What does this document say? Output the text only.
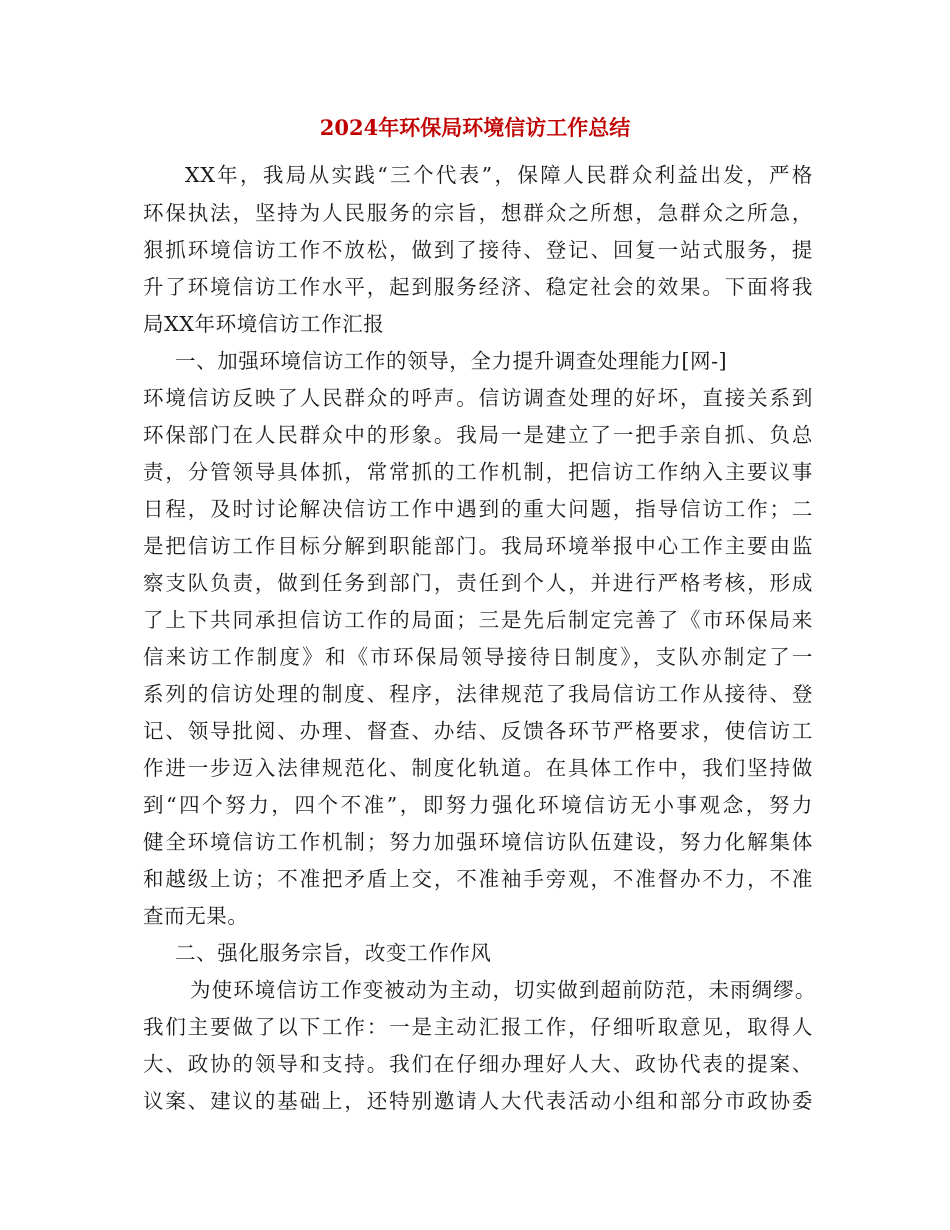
2024年环保局环境信访工作总结
XX年，我局从实践“三个代表”，保障人民群众利益出发，严格
环保执法，坚持为人民服务的宗旨，想群众之所想，急群众之所急，
狠抓环境信访工作不放松，做到了接待、登记、回复一站式服务，提
升了环境信访工作水平，起到服务经济、稳定社会的效果。下面将我
局XX年环境信访工作汇报
一、加强环境信访工作的领导，全力提升调查处理能力[网-]
环境信访反映了人民群众的呼声。信访调查处理的好坏，直接关系到
环保部门在人民群众中的形象。我局一是建立了一把手亲自抓、负总
责，分管领导具体抓，常常抓的工作机制，把信访工作纳入主要议事
日程，及时讨论解决信访工作中遇到的重大问题，指导信访工作；二
是把信访工作目标分解到职能部门。我局环境举报中心工作主要由监
察支队负责，做到任务到部门，责任到个人，并进行严格考核，形成
了上下共同承担信访工作的局面；三是先后制定完善了《市环保局来
信来访工作制度》和《市环保局领导接待日制度》，支队亦制定了一
系列的信访处理的制度、程序，法律规范了我局信访工作从接待、登
记、领导批阅、办理、督查、办结、反馈各环节严格要求，使信访工
作进一步迈入法律规范化、制度化轨道。在具体工作中，我们坚持做
到“四个努力，四个不准”，即努力强化环境信访无小事观念，努力
健全环境信访工作机制；努力加强环境信访队伍建设，努力化解集体
和越级上访；不准把矛盾上交，不准袖手旁观，不准督办不力，不准
查而无果。
二、强化服务宗旨，改变工作作风
为使环境信访工作变被动为主动，切实做到超前防范，未雨绸缪。
我们主要做了以下工作：一是主动汇报工作，仔细听取意见，取得人
大、政协的领导和支持。我们在仔细办理好人大、政协代表的提案、
议案、建议的基础上，还特别邀请人大代表活动小组和部分市政协委
